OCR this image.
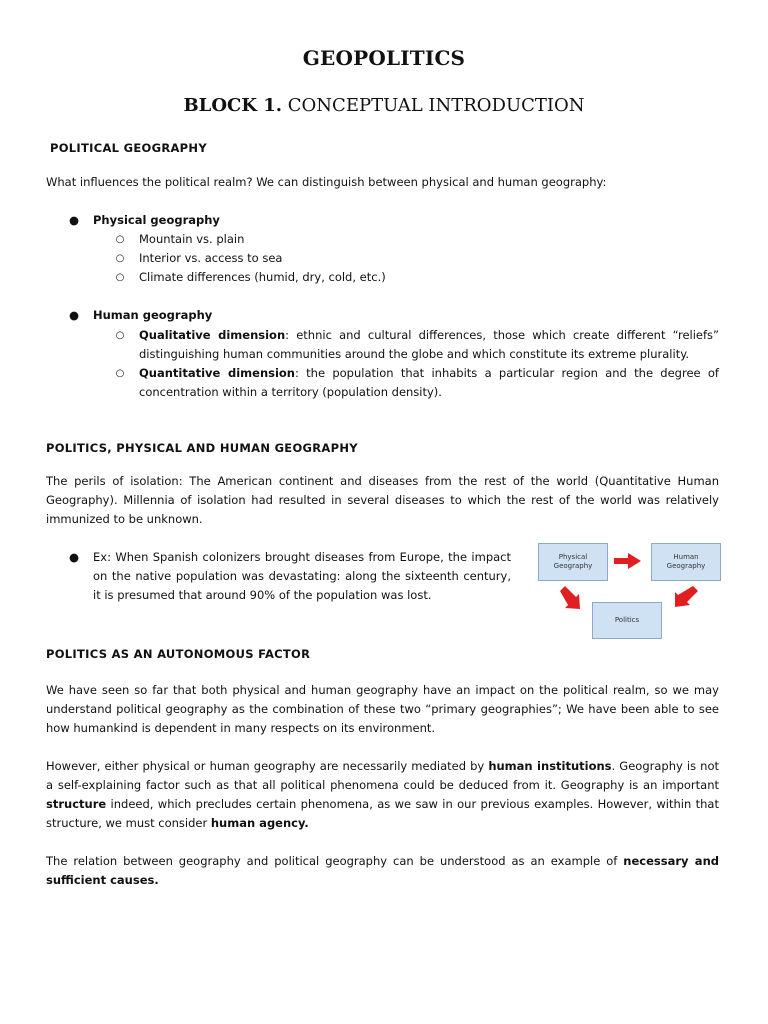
GEOPOLITICS
BLOCK 1. CONCEPTUAL INTRODUCTION
POLITICAL GEOGRAPHY
What influences the political realm? We can distinguish between physical and human geography:
● Physical geography
○ Mountain vs. plain
○ Interior vs. access to sea
○ Climate differences (humid, dry, cold, etc.)
● Human geography
○ Qualitative dimension: ethnic and cultural differences, those which create different “reliefs” distinguishing human communities around the globe and which constitute its extreme plurality.
○ Quantitative dimension: the population that inhabits a particular region and the degree of concentration within a territory (population density).
POLITICS, PHYSICAL AND HUMAN GEOGRAPHY
The perils of isolation: The American continent and diseases from the rest of the world (Quantitative Human Geography). Millennia of isolation had resulted in several diseases to which the rest of the world was relatively immunized to be unknown.
● Ex: When Spanish colonizers brought diseases from Europe, the impact on the native population was devastating: along the sixteenth century, it is presumed that around 90% of the population was lost.
Physical
Geography
Human
Geography
Politics
POLITICS AS AN AUTONOMOUS FACTOR
We have seen so far that both physical and human geography have an impact on the political realm, so we may understand political geography as the combination of these two “primary geographies”; We have been able to see how humankind is dependent in many respects on its environment.
However, either physical or human geography are necessarily mediated by human institutions. Geography is not a self-explaining factor such as that all political phenomena could be deduced from it. Geography is an important structure indeed, which precludes certain phenomena, as we saw in our previous examples. However, within that structure, we must consider human agency.
The relation between geography and political geography can be understood as an example of necessary and sufficient causes.
